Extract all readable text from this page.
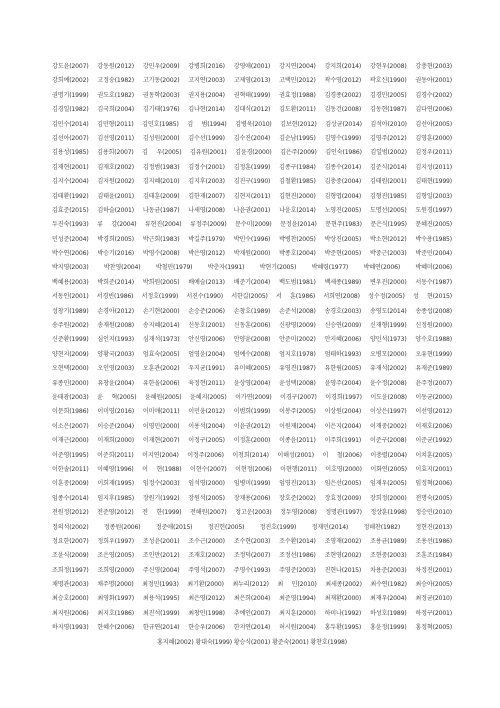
강도윤(2007) 강동원(2012) 강민우(2009) 강병희(2016) 강영애(2001) 강지연(2004) 강지희(2014) 강현우(2008) 강충현(2003)
강희예(2002) 고정숭(1982) 고기동(2002) 고지연(2003) 고제영(2013) 고택민(2012) 곽수영(2012) 곽호신(1990) 권동아(2001)
권명기(1999) 권도호(1982) 권동학(2003) 권지용(2004) 권혁태(1999) 권효정(1988) 김경종(2002) 김경민(2005) 김경수(2002)
김경일(1982) 김국희(2004) 김기태(1976) 김나현(2014) 김대식(2012) 김도환(2011) 김동건(2008) 김동현(1987) 김다연(2006)
김민수(2014) 김민형(2011) 김민호(1985) 김 범(1994) 김병욱(2010) 김보현(2012) 김상균(2014) 김석아(2010) 김선아(2005)
김선아(2007) 김선영(2011) 김성원(2000) 김수선(1999) 김수진(2004) 김순남(1995) 김영수(1999) 김영주(2012) 김영훈(2000)
김용성(1985) 김용희(2007) 김 우(2005) 김유원(2001) 김윤경(2000) 김은주(2009) 김인숙(1986) 김일범(2002) 김정우(2011)
김재현(2001) 김재호(2002) 김정범(1983) 김정수(2001) 김정훈(1999) 김종구(1984) 김종수(2014) 김준식(2014) 김지성(2011)
김지수(2004) 김지원(2002) 김지혜(2010) 김지후(2003) 김진구(1990) 김철환(1985) 김충중(2004) 김태원(2001) 김태현(1999)
김태환(1992) 김태윤(2001) 김태훈(2009) 김한재(2007) 김현지(2011) 김현진(2000) 김형엽(2004) 김형진(1985) 김형일(2003)
김효준(2015) 김하슬(2001) 나동균(1987) 나세영(2008) 나윤권(2001) 나윤호(2014) 노영진(2005) 도명선(2005) 도원경(1997)
두진숙(1993) 류 강(2004) 류현진(2004) 류정주(2009) 문수미(2009) 문정윤(2014) 문현주(1983) 문은식(1995) 문혜진(2005)
민성준(2004) 박경희(2005) 박근회(1983) 박길주(1979) 박민수(1996) 박병찬(2005) 박상진(2005) 박소현(2012) 박수용(1985)
박수연(2006) 박승기(2016) 박영수(2008) 박은영(2012) 박재원(2000) 박종호(2004) 박준현(2005) 박중근(2003) 박준민(2004)
박지영(2003) 박찬영(2004) 박철민(1979) 박춘자(1991) 박현기(2005) 박혜령(1977) 박혜연(2006) 박혜미(2006)
백혜용(2003) 박희준(2014) 박희원(2005) 배예슬(2013) 배준기(2004) 백도범(1981) 백세종(1989) 변우진(2000) 서동수(1987)
서동인(2001) 서경빈(1986) 서정호(1999) 서진수(1990) 서한길(2005) 서 훈(1986) 서희연(2008) 성수정(2005) 성 현(2015)
성창기(1989) 손경아(2012) 손기현(2000) 손승준(2006) 손창호(1989) 손준석(2008) 송경호(2003) 송영도(2014) 송종섭(2008)
송주원(2002) 송재원(2008) 송지혜(2014) 신동호(2001) 신동훈(2006) 신광영(2009) 신승연(2009) 신재형(1999) 신정원(2000)
신준환(1999) 심인지(1993) 심재석(1973) 안신영(2006) 안양윤(2008) 안준미(2002) 안지혜(2006) 양민석(1973) 양수호(1988)
양현지(2009) 양황국(2003) 엄효숙(2005) 엄영윤(2004) 엄예수(2008) 엄지호(1978) 엄태하(1993) 오병모(2000) 오유현(1999)
오현택(2000) 오인영(2003) 오훈관(2002) 우지균(1991) 유미혜(2005) 유영진(1987) 유한림(2005) 유재석(2002) 유재준(1989)
유종민(2000) 유창윤(2004) 유한올(2006) 육정현(2011) 윤상영(2004) 윤성택(2008) 윤영주(2004) 윤수정(2008) 윤주정(2007)
윤태광(2003) 윤 혁(2005) 윤혜원(2005) 윤혜지(2005) 이가연(2009) 이경구(2007) 이경희(1997) 이도윤(2008) 이동균(2000)
이문희(1986) 이미영(2016) 이미애(2011) 이민웅(2012) 이범희(1999) 이봉주(2005) 이상원(2004) 이상은(1997) 이선영(2012)
이소은(2007) 이승준(2004) 이영민(2000) 이용석(2004) 이윤권(2012) 이원재(2004) 이은지(2004) 이재중(2002) 이재호(2006)
이재근(2000) 이재희(2000) 이재현(2007) 이정구(2005) 이정훈(2000) 이종윤(2011) 이주희(1991) 이준구(2008) 이준균(1992)
이준영(1995) 이준희(2011) 이지연(2004) 이정주(2006) 이청희(2014) 이해성(2001) 이 철(2006) 이충렬(2004) 이치훈(2005)
이한솔(2011) 이혜영(1996) 이 현(1988) 이현수(2007) 이현정(2006) 이현행(2011) 이호영(2000) 이화연(2005) 이효지(2001)
이훈중(2009) 이희재(1995) 임정수(2003) 임석영(2000) 임병미(1999) 임영진(2013) 임은선(2005) 임재우(2005) 임정혁(2006)
임종수(2014) 임지후(1985) 장원기(1992) 장원석(2005) 장재용(2006) 장호준(2002) 장효정(2009) 장희정(2000) 전명숙(2005)
전원정(2012) 전준영(2012) 전 한(1999) 전해원(2007) 정고운(2003) 정두영(2008) 정명관(1997) 정상훈(1998) 정승민(2010)
정의석(2002) 정종원(2006) 정준애(2015) 정진헌(2005) 정진호(1999) 정재민(2014) 정해찬(1982) 정현진(2013)
정요한(2007) 정희우(1997) 조성윤(2001) 조수근(2000) 조수현(2003) 조수환(2014) 조영재(2002) 조용균(1989) 조용선(1986)
조윤식(2009) 조은영(2005) 조인만(2012) 조재호(2002) 조정덕(2007) 조정선(1986) 조현영(2002) 조현중(2003) 조훈조(1984)
조희정(1997) 조희영(2000) 주신영(2004) 주영석(2007) 주영수(1993) 주영준(2003) 진현나(2015) 차용준(2003) 차정진(2001)
채명관(2003) 채주명(2000) 최정민(1993) 최기환(2000) 최누리(2012) 최 민(2010) 최세종(2002) 최수연(1982) 최승아(2005)
최승호(2000) 최영화(1997) 최용석(1995) 최은영(2012) 최은희(2004) 최준영(1994) 최재환(2000) 최재우(2004) 최정균(2010)
최지원(2006) 최지호(1986) 최진석(1999) 최창민(1998) 추예인(2007) 최지훈(2000) 하미나(1992) 하성호(1989) 하정구(2001)
하지영(1993) 한혜수(2006) 한규연(2014) 한승우(2006) 한지연(2014) 허시원(2004) 홍두환(1995) 홍윤정(1999) 홍정혁(2005)
홍지혜(2002) 황대숙(1999) 황승식(2001) 황준숙(2001) 황찬호(1998)
